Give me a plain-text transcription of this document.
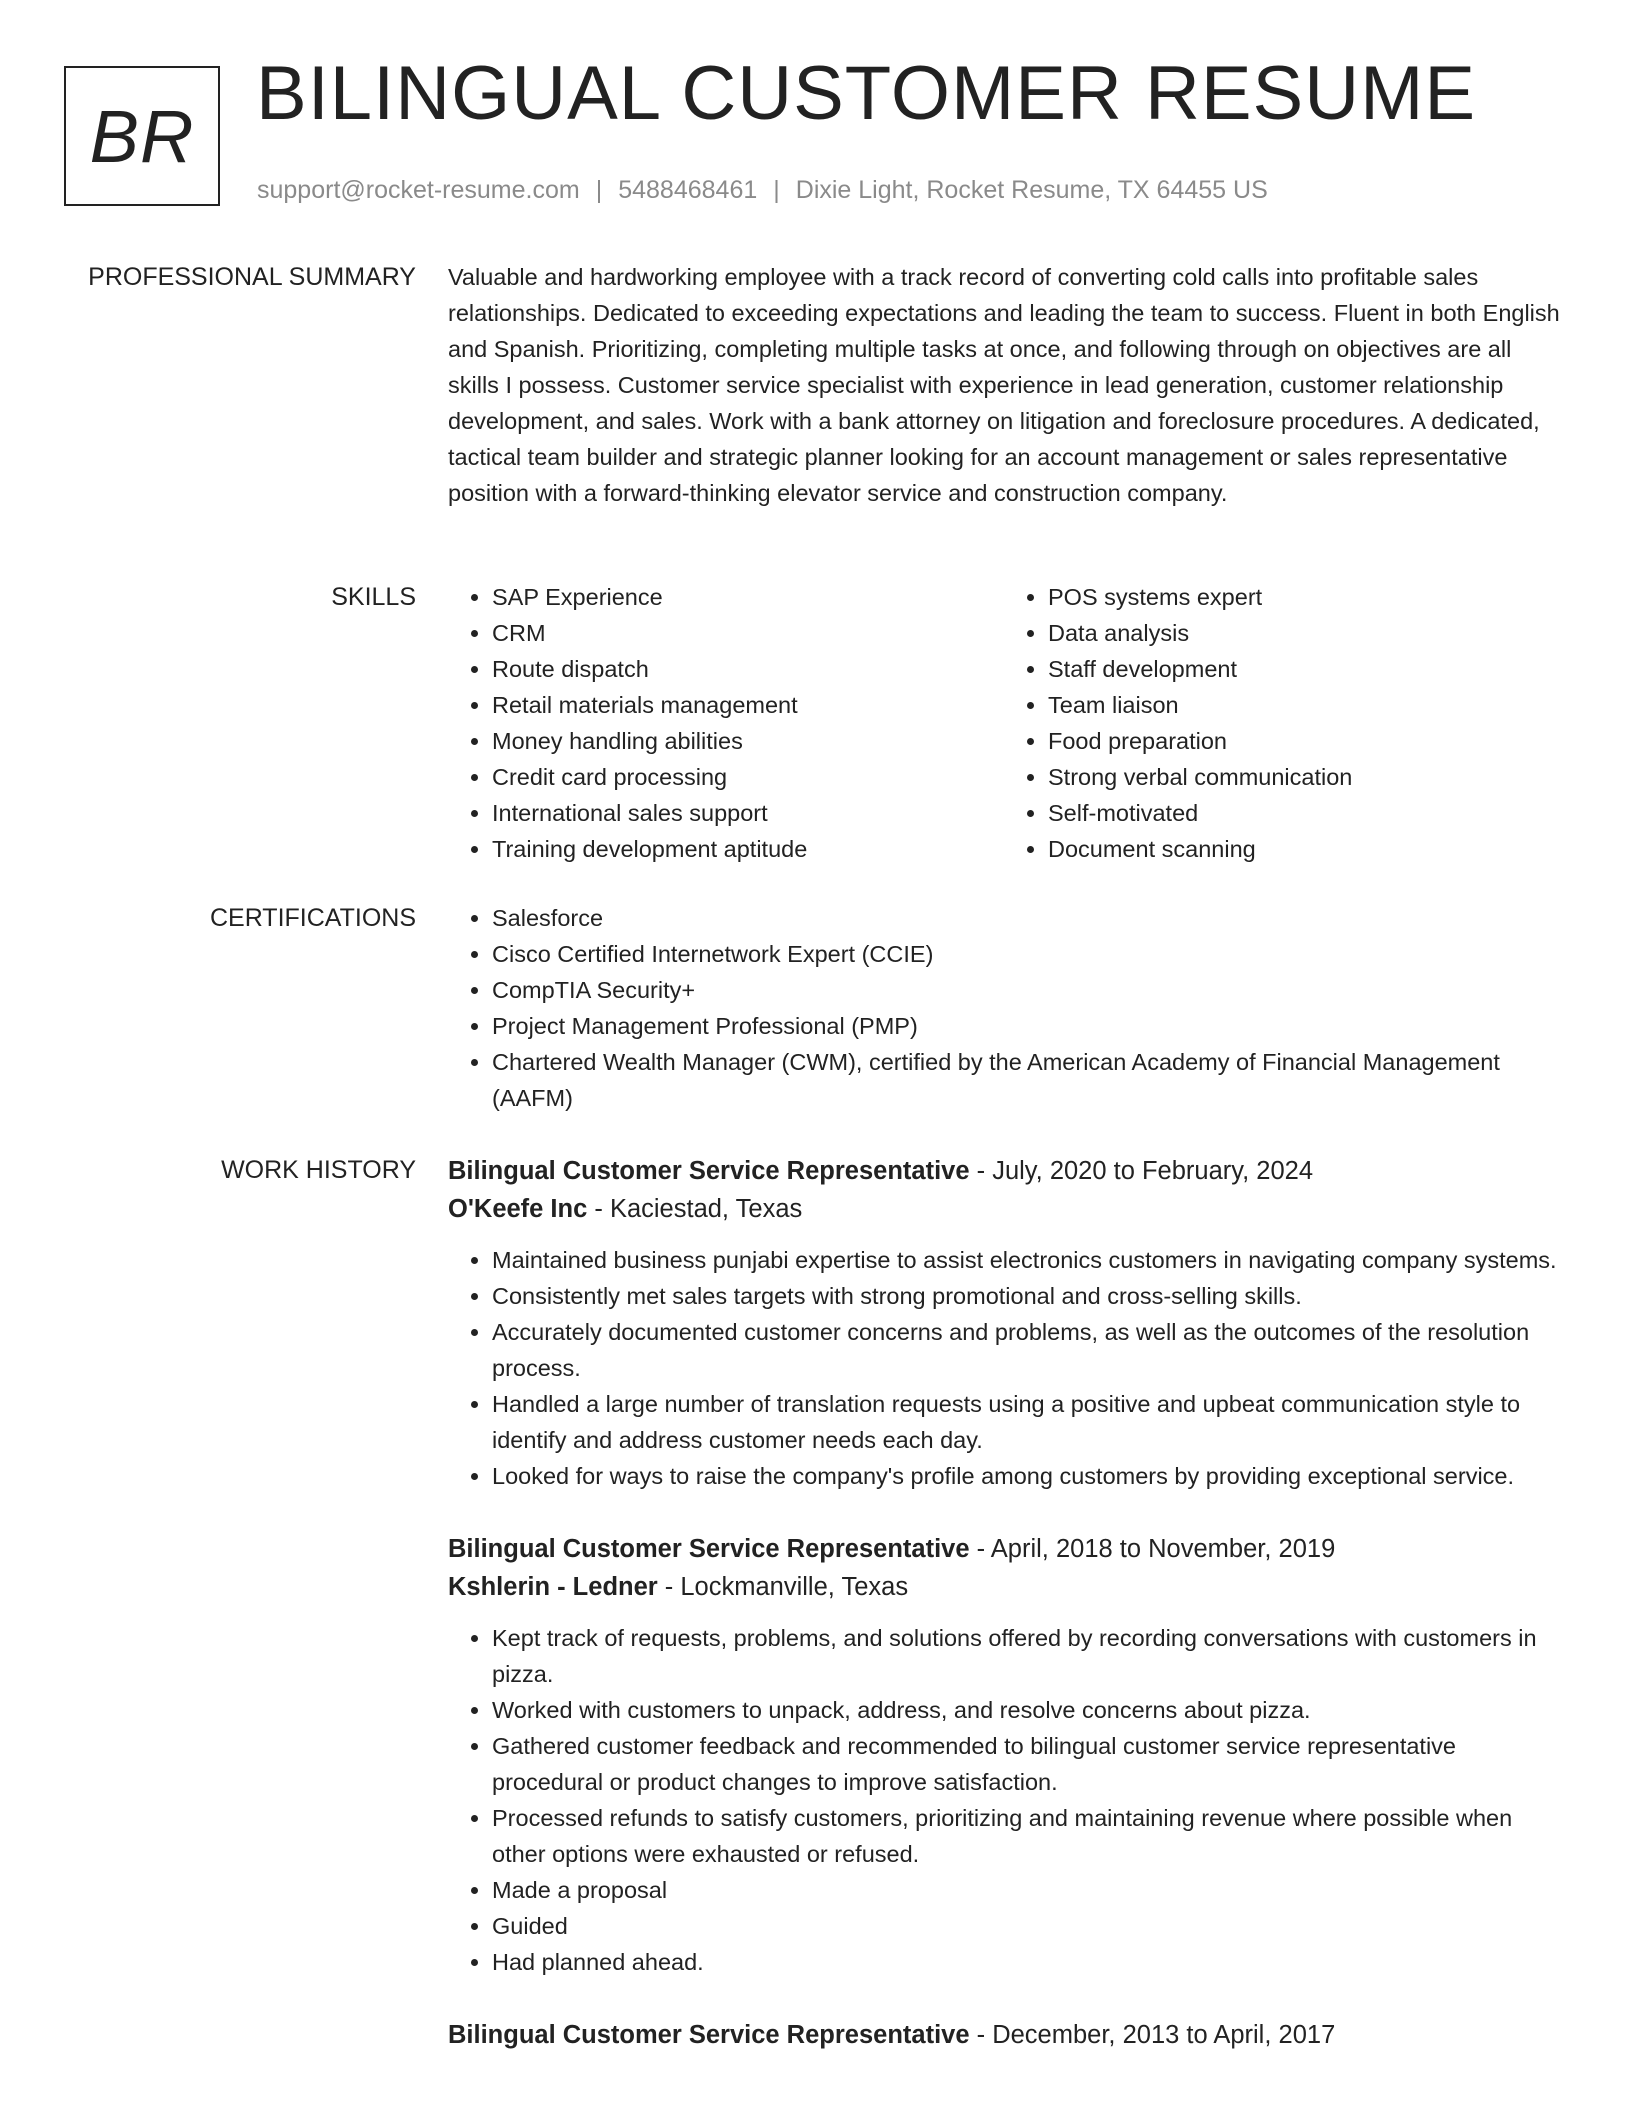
BR BILINGUAL CUSTOMER RESUME
support@rocket-resume.com | 5488468461 | Dixie Light, Rocket Resume, TX 64455 US
PROFESSIONAL SUMMARY Valuable and hardworking employee with a track record of converting cold calls into profitable sales relationships. Dedicated to exceeding expectations and leading the team to success. Fluent in both English and Spanish. Prioritizing, completing multiple tasks at once, and following through on objectives are all skills I possess. Customer service specialist with experience in lead generation, customer relationship development, and sales. Work with a bank attorney on litigation and foreclosure procedures. A dedicated, tactical team builder and strategic planner looking for an account management or sales representative position with a forward-thinking elevator service and construction company.
SKILLS	• SAP Experience
• CRM
• Route dispatch
• Retail materials management
• Money handling abilities
• Credit card processing
• International sales support
• Training development aptitude
• POS systems expert
• Data analysis
• Staff development
• Team liaison
• Food preparation
• Strong verbal communication
• Self-motivated
• Document scanning
CERTIFICATIONS	• Salesforce
• Cisco Certified Internetwork Expert (CCIE)
• CompTIA Security+
• Project Management Professional (PMP)
• Chartered Wealth Manager (CWM), certified by the American Academy of Financial Management (AAFM)
WORK HISTORY Bilingual Customer Service Representative - July, 2020 to February, 2024
O'Keefe Inc - Kaciestad, Texas
• Maintained business punjabi expertise to assist electronics customers in navigating company systems.
• Consistently met sales targets with strong promotional and cross-selling skills.
• Accurately documented customer concerns and problems, as well as the outcomes of the resolution process.
• Handled a large number of translation requests using a positive and upbeat communication style to identify and address customer needs each day.
• Looked for ways to raise the company's profile among customers by providing exceptional service.
Bilingual Customer Service Representative - April, 2018 to November, 2019
Kshlerin - Ledner - Lockmanville, Texas
• Kept track of requests, problems, and solutions offered by recording conversations with customers in pizza.
• Worked with customers to unpack, address, and resolve concerns about pizza.
• Gathered customer feedback and recommended to bilingual customer service representative procedural or product changes to improve satisfaction.
• Processed refunds to satisfy customers, prioritizing and maintaining revenue where possible when other options were exhausted or refused.
• Made a proposal
• Guided
• Had planned ahead.
Bilingual Customer Service Representative - December, 2013 to April, 2017
